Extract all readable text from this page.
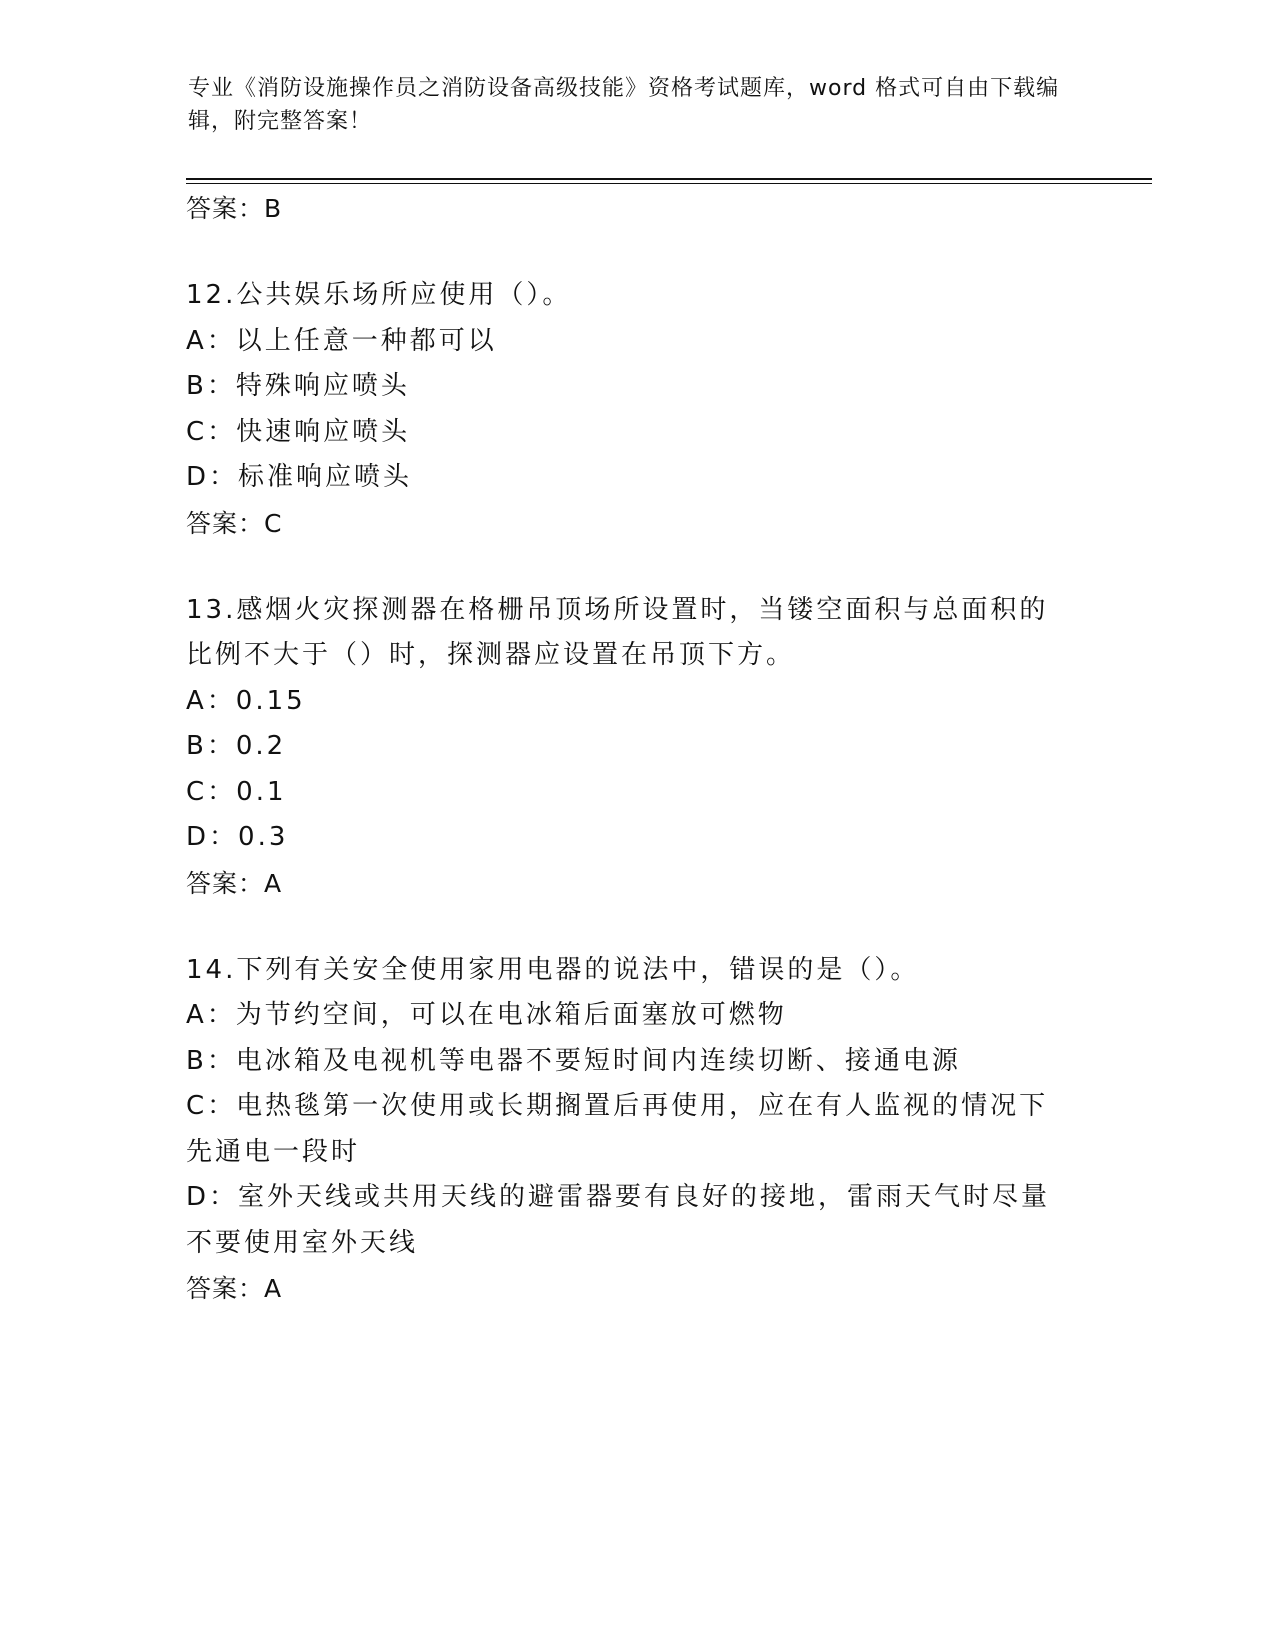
专业《消防设施操作员之消防设备高级技能》资格考试题库，word 格式可自由下载编辑，附完整答案！

答案：B

12.公共娱乐场所应使用（）。

A：以上任意一种都可以

B：特殊响应喷头

C：快速响应喷头

D：标准响应喷头

答案：C

13.感烟火灾探测器在格栅吊顶场所设置时，当镂空面积与总面积的比例不大于（）时，探测器应设置在吊顶下方。

A：0.15

B：0.2

C：0.1

D：0.3

答案：A

14.下列有关安全使用家用电器的说法中，错误的是（）。

A：为节约空间，可以在电冰箱后面塞放可燃物

B：电冰箱及电视机等电器不要短时间内连续切断、接通电源

C：电热毯第一次使用或长期搁置后再使用，应在有人监视的情况下先通电一段时

D：室外天线或共用天线的避雷器要有良好的接地，雷雨天气时尽量不要使用室外天线

答案：A
